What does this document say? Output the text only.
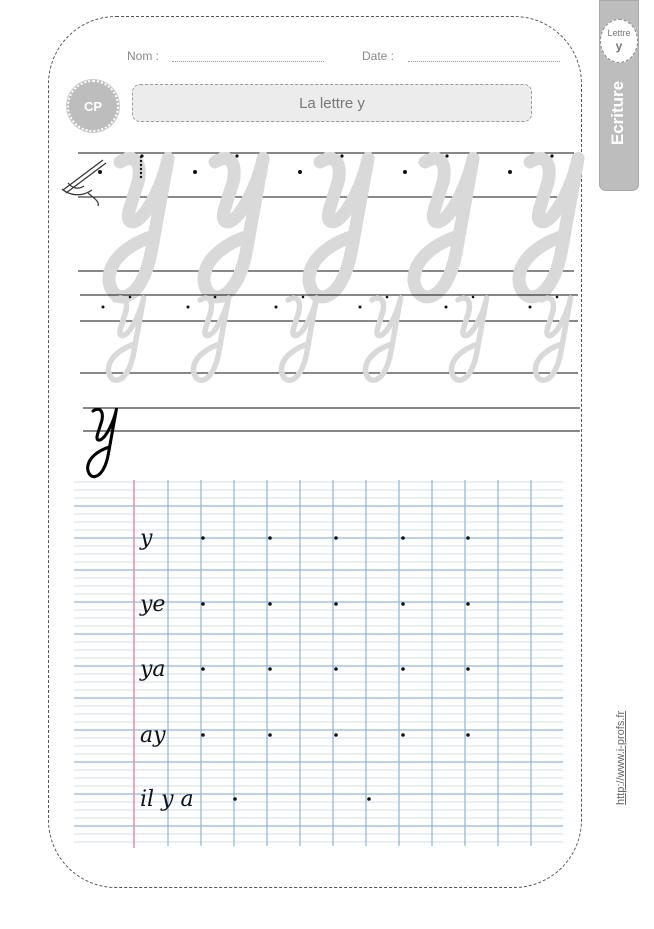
Nom :	Date :
CP	La lettre y
Lettre
y
Ecriture
http://www.i-profs.fr
y
ye
ya
ay
il y a
